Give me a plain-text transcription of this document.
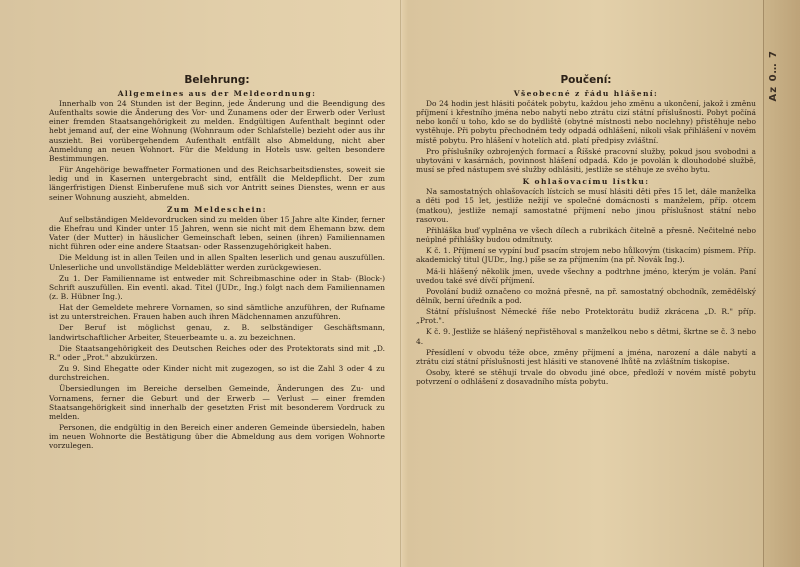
Az 0… 7
Belehrung:
Allgemeines aus der Meldeordnung:

Innerhalb von 24 Stunden ist der Beginn, jede Änderung und die Beendigung des Aufenthalts sowie die Änderung des Vor- und Zunamens oder der Erwerb oder Verlust einer fremden Staatsangehörigkeit zu melden. Endgültigen Aufenthalt beginnt oder hebt jemand auf, der eine Wohnung (Wohnraum oder Schlafstelle) bezieht oder aus ihr auszieht. Bei vorübergehendem Aufenthalt entfällt also Abmeldung, nicht aber Anmeldung an neuen Wohnort. Für die Meldung in Hotels usw. gelten besondere Bestimmungen.

Für Angehörige bewaffneter Formationen und des Reichsarbeitsdienstes, soweit sie ledig und in Kasernen untergebracht sind, entfällt die Meldepflicht. Der zum längerfristigen Dienst Einberufene muß sich vor Antritt seines Dienstes, wenn er aus seiner Wohnung auszieht, abmelden.

Zum Meldeschein:

Auf selbständigen Meldevordrucken sind zu melden über 15 Jahre alte Kinder, ferner die Ehefrau und Kinder unter 15 Jahren, wenn sie nicht mit dem Ehemann bzw. dem Vater (der Mutter) in häuslicher Gemeinschaft leben, seinen (ihren) Familiennamen nicht führen oder eine andere Staatsan- oder Rassenzugehörigkeit haben.

Die Meldung ist in allen Teilen und in allen Spalten leserlich und genau auszufüllen. Unleserliche und unvollständige Meldeblätter werden zurückgewiesen.

Zu 1. Der Familienname ist entweder mit Schreibmaschine oder in Stab- (Block-) Schrift auszufüllen. Ein eventl. akad. Titel (JUDr., Ing.) folgt nach dem Familiennamen (z. B. Hübner Ing.).

Hat der Gemeldete mehrere Vornamen, so sind sämtliche anzuführen, der Rufname ist zu unterstreichen. Frauen haben auch ihren Mädchennamen anzuführen.

Der Beruf ist möglichst genau, z. B. selbständiger Geschäftsmann, landwirtschaftlicher Arbeiter, Steuerbeamte u. a. zu bezeichnen.

Die Staatsangehörigkeit des Deutschen Reiches oder des Protektorats sind mit „D. R." oder „Prot." abzukürzen.

Zu 9. Sind Ehegatte oder Kinder nicht mit zugezogen, so ist die Zahl 3 oder 4 zu durchstreichen.

Übersiedlungen im Bereiche derselben Gemeinde, Änderungen des Zu- und Vornamens, ferner die Geburt und der Erwerb — Verlust — einer fremden Staatsangehörigkeit sind innerhalb der gesetzten Frist mit besonderem Vordruck zu melden.

Personen, die endgültig in den Bereich einer anderen Gemeinde übersiedeln, haben im neuen Wohnorte die Bestätigung über die Abmeldung aus dem vorigen Wohnorte vorzulegen.

Poučení:
Všeobecné z řádu hlášení:

Do 24 hodin jest hlásiti počátek pobytu, každou jeho změnu a ukončení, jakož i změnu příjmení i křestního jména nebo nabytí nebo ztrátu cizí státní příslušnosti. Pobyt počíná nebo končí u toho, kdo se do bydliště (obytné místnosti nebo noclehny) přistěhuje nebo vystěhuje. Při pobytu přechodném tedy odpadá odhlášení, nikoli však přihlášení v novém místě pobytu. Pro hlášení v hotelích atd. platí předpisy zvláštní.

Pro příslušníky ozbrojených formací a Říšské pracovní služby, pokud jsou svobodni a ubytováni v kasárnách, povinnost hlášení odpadá. Kdo je povolán k dlouhodobé službě, musí se před nástupem své služby odhlásiti, jestliže se stěhuje ze svého bytu.

K ohlašovacímu lístku:

Na samostatných ohlašovacích lístcích se musí hlásiti děti přes 15 let, dále manželka a děti pod 15 let, jestliže nežijí ve společné domácnosti s manželem, příp. otcem (matkou), jestliže nemají samostatné příjmení nebo jinou příslušnost státní nebo rasovou.

Přihláška buď vyplněna ve všech dílech a rubrikách čitelně a přesně. Nečitelné nebo neúplné přihlášky budou odmítnuty.

K č. 1. Příjmení se vypíní buď psacím strojem nebo hůlkovým (tiskacím) písmem. Příp. akademický titul (JUDr., Ing.) píše se za příjmením (na př. Novák Ing.).

Má-li hlášený několik jmen, uvede všechny a podtrhne jméno, kterým je volán. Paní uvedou také své dívčí příjmení.

Povolání budiž označeno co možná přesně, na př. samostatný obchodník, zemědělský dělník, berní úředník a pod.

Státní příslušnost Německé říše nebo Protektorátu budiž zkrácena „D. R." příp. „Prot.".

K č. 9. Jestliže se hlášený nepřistěhoval s manželkou nebo s dětmi, škrtne se č. 3 nebo 4.

Přesídlení v obvodu téže obce, změny příjmení a jména, narození a dále nabytí a ztrátu cizí státní příslušnosti jest hlásiti ve stanovené lhůtě na zvláštním tiskopise.

Osoby, které se stěhují trvale do obvodu jiné obce, předloží v novém místě pobytu potvrzení o odhlášení z dosavadního místa pobytu.
